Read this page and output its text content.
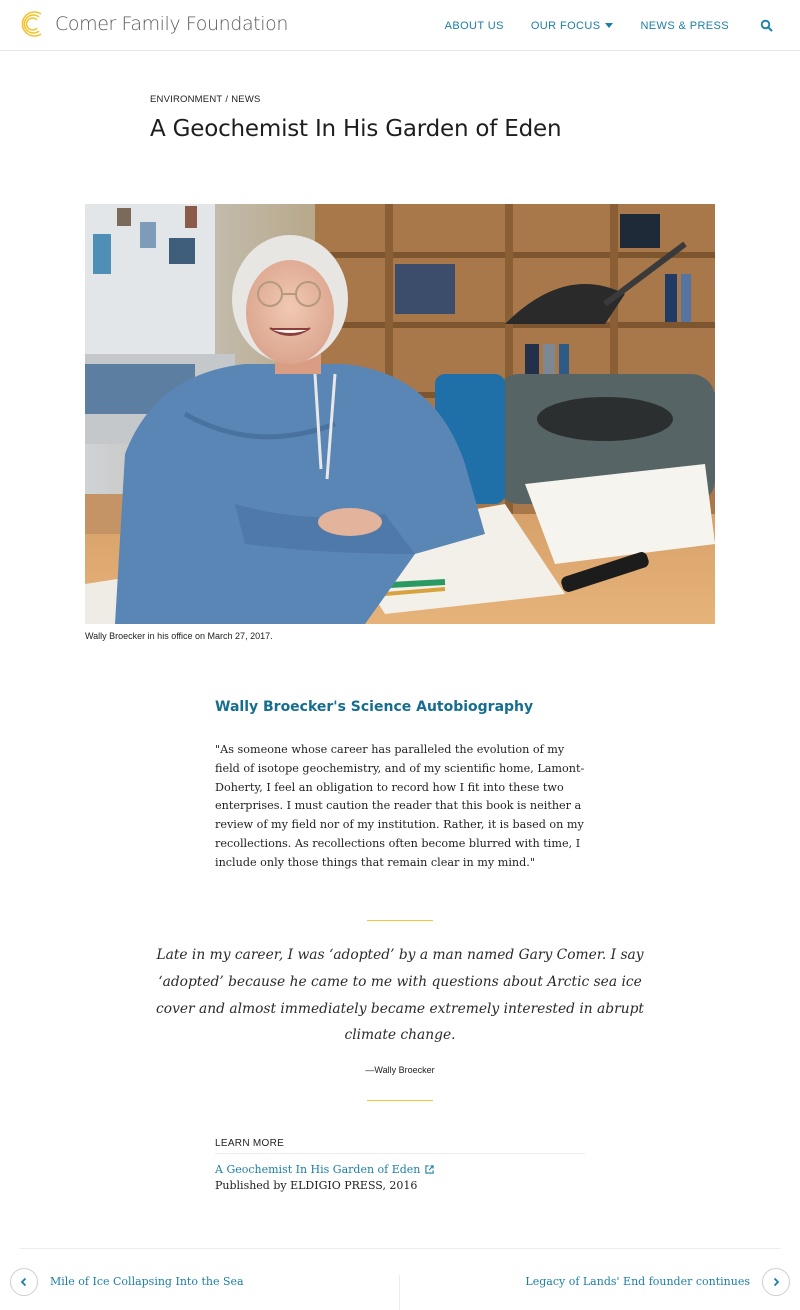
Comer Family Foundation	ABOUT US OUR FOCUS	NEWS & PRESS
ENVIRONMENT / NEWS
A Geochemist In His Garden of Eden
Wally Broecker in his office on March 27, 2017.
Wally Broecker's Science Autobiography

"As someone whose career has paralleled the evolution of my field of isotope geochemistry, and of my scientific home, Lamont-Doherty, I feel an obligation to record how I fit into these two enterprises. I must caution the reader that this book is neither a review of my field nor of my institution. Rather, it is based on my recollections. As recollections often become blurred with time, I include only those things that remain clear in my mind."

Late in my career, I was ‘adopted’ by a man named Gary Comer. I say ‘adopted’ because he came to me with questions about Arctic sea ice cover and almost immediately became extremely interested in abrupt climate change.
—Wally Broecker
LEARN MORE
A Geochemist In His Garden of Eden
Published by ELDIGIO PRESS, 2016
Mile of Ice Collapsing Into the Sea	Legacy of Lands' End founder continues
